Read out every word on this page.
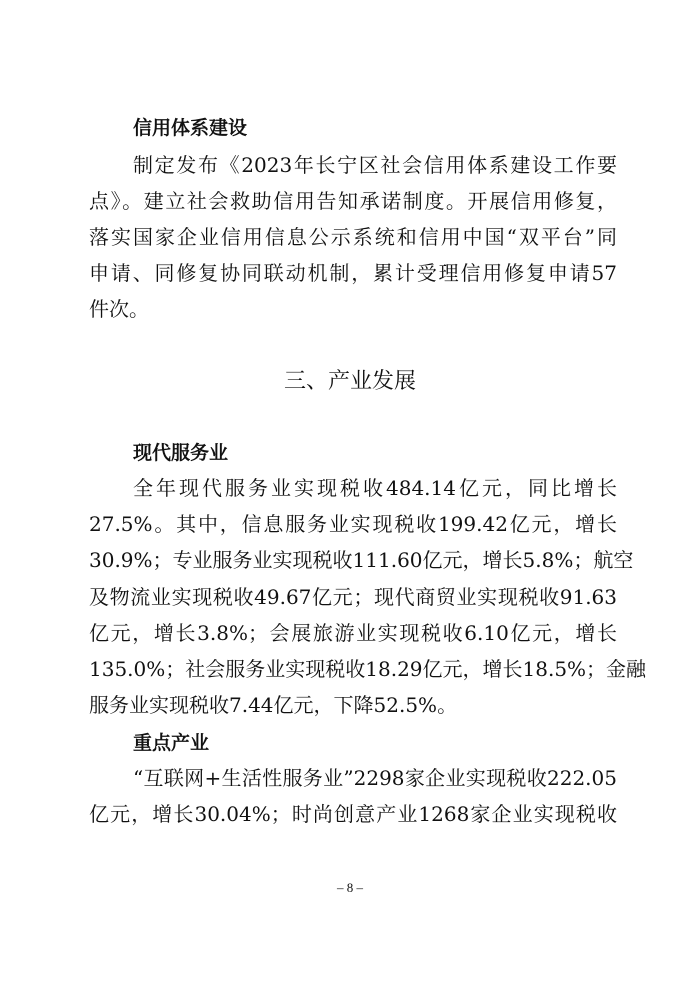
信用体系建设
制定发布《2023年长宁区社会信用体系建设工作要
点》。建立社会救助信用告知承诺制度。开展信用修复，
落实国家企业信用信息公示系统和信用中国“双平台”同
申请、同修复协同联动机制，累计受理信用修复申请57
件次。
三、产业发展
现代服务业
全年现代服务业实现税收484.14亿元，同比增长
27.5%。其中，信息服务业实现税收199.42亿元，增长
30.9%；专业服务业实现税收111.60亿元，增长5.8%；航空
及物流业实现税收49.67亿元；现代商贸业实现税收91.63
亿元，增长3.8%；会展旅游业实现税收6.10亿元，增长
135.0%；社会服务业实现税收18.29亿元，增长18.5%；金融
服务业实现税收7.44亿元，下降52.5%。
重点产业
“互联网+生活性服务业”2298家企业实现税收222.05
亿元，增长30.04%；时尚创意产业1268家企业实现税收
– 8 –
